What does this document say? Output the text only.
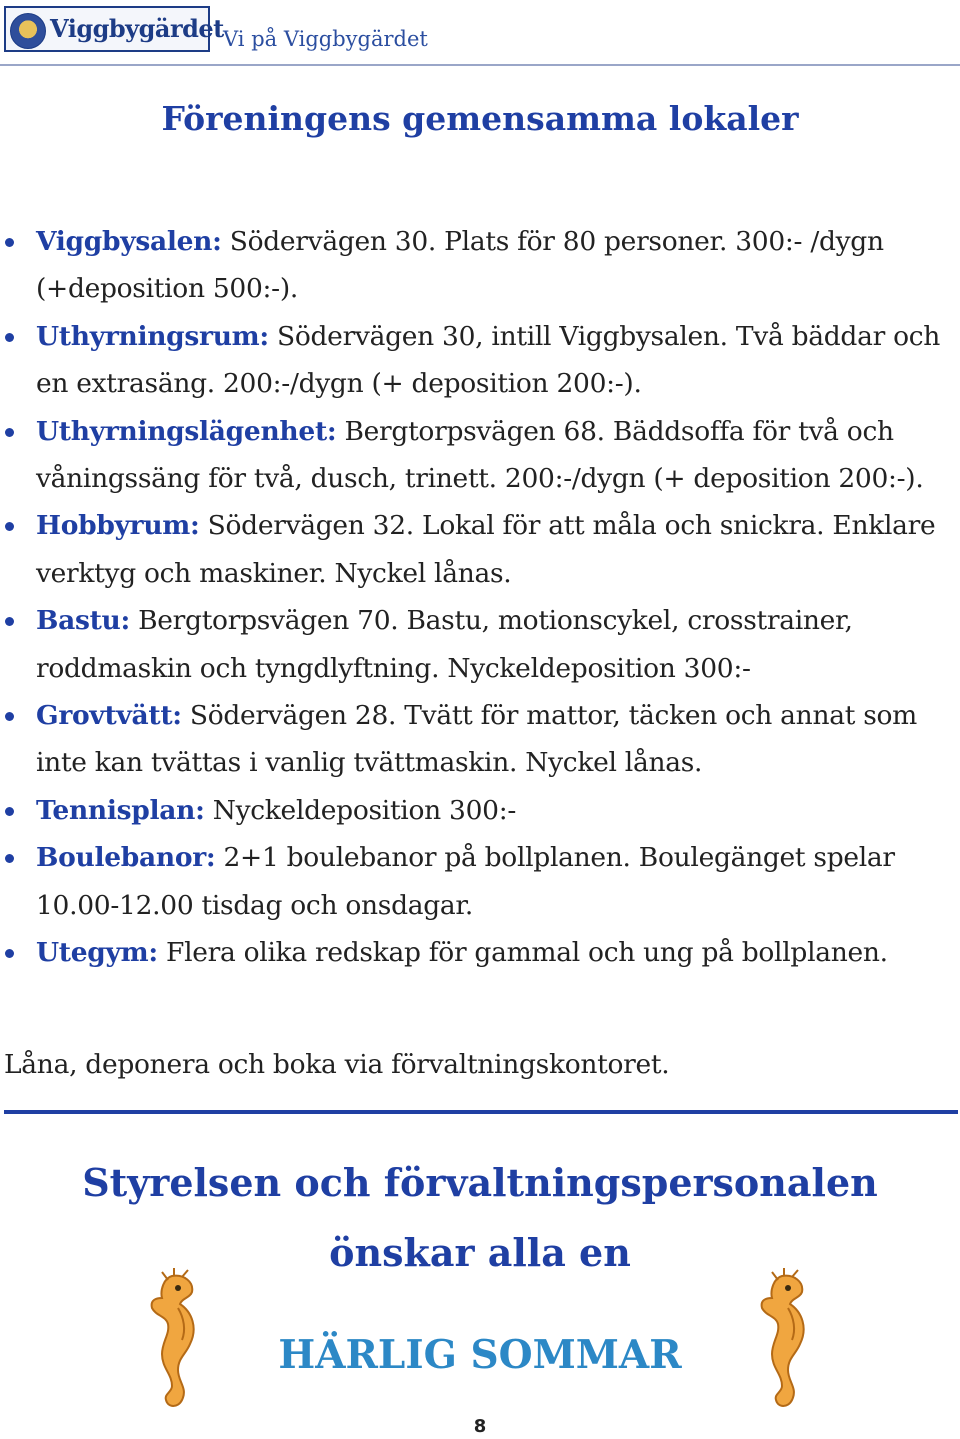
Viggbygärdet Vi på Viggbygärdet
Föreningens gemensamma lokaler
Viggbysalen: Södervägen 30. Plats för 80 personer. 300:- /dygn (+deposition 500:-).
Uthyrningsrum: Södervägen 30, intill Viggbysalen. Två bäddar och en extrasäng. 200:-/dygn (+ deposition 200:-).
Uthyrningslägenhet: Bergtorpsvägen 68. Bäddsoffa för två och våningssäng för två, dusch, trinett. 200:-/dygn (+ deposition 200:-).
Hobbyrum: Södervägen 32. Lokal för att måla och snickra. Enklare verktyg och maskiner. Nyckel lånas.
Bastu: Bergtorpsvägen 70. Bastu, motionscykel, crosstrainer, roddmaskin och tyngdlyftning. Nyckeldeposition 300:-
Grovtvätt: Södervägen 28. Tvätt för mattor, täcken och annat som inte kan tvättas i vanlig tvättmaskin. Nyckel lånas.
Tennisplan: Nyckeldeposition 300:-
Boulebanor: 2+1 boulebanor på bollplanen. Boulegänget spelar 10.00-12.00 tisdag och onsdagar.
Utegym: Flera olika redskap för gammal och ung på bollplanen.
Låna, deponera och boka via förvaltningskontoret.
Styrelsen och förvaltningspersonalen
önskar alla en
HÄRLIG SOMMAR
8
